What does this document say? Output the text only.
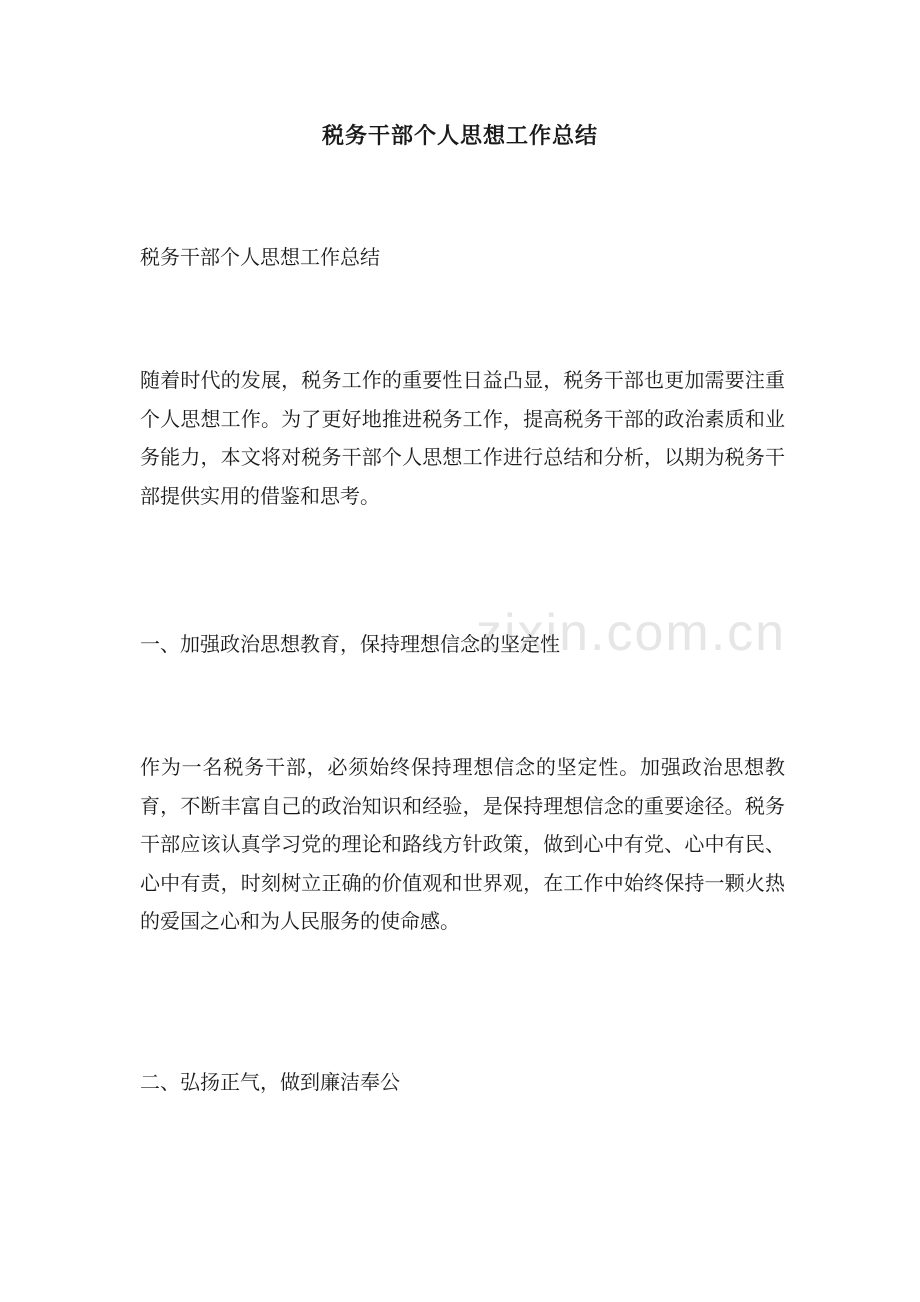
zixin.com.cn
税务干部个人思想工作总结

税务干部个人思想工作总结

随着时代的发展，税务工作的重要性日益凸显，税务干部也更加需要注重个人思想工作。为了更好地推进税务工作，提高税务干部的政治素质和业务能力，本文将对税务干部个人思想工作进行总结和分析，以期为税务干部提供实用的借鉴和思考。

一、加强政治思想教育，保持理想信念的坚定性

作为一名税务干部，必须始终保持理想信念的坚定性。加强政治思想教育，不断丰富自己的政治知识和经验，是保持理想信念的重要途径。税务干部应该认真学习党的理论和路线方针政策，做到心中有党、心中有民、心中有责，时刻树立正确的价值观和世界观，在工作中始终保持一颗火热的爱国之心和为人民服务的使命感。

二、弘扬正气，做到廉洁奉公
